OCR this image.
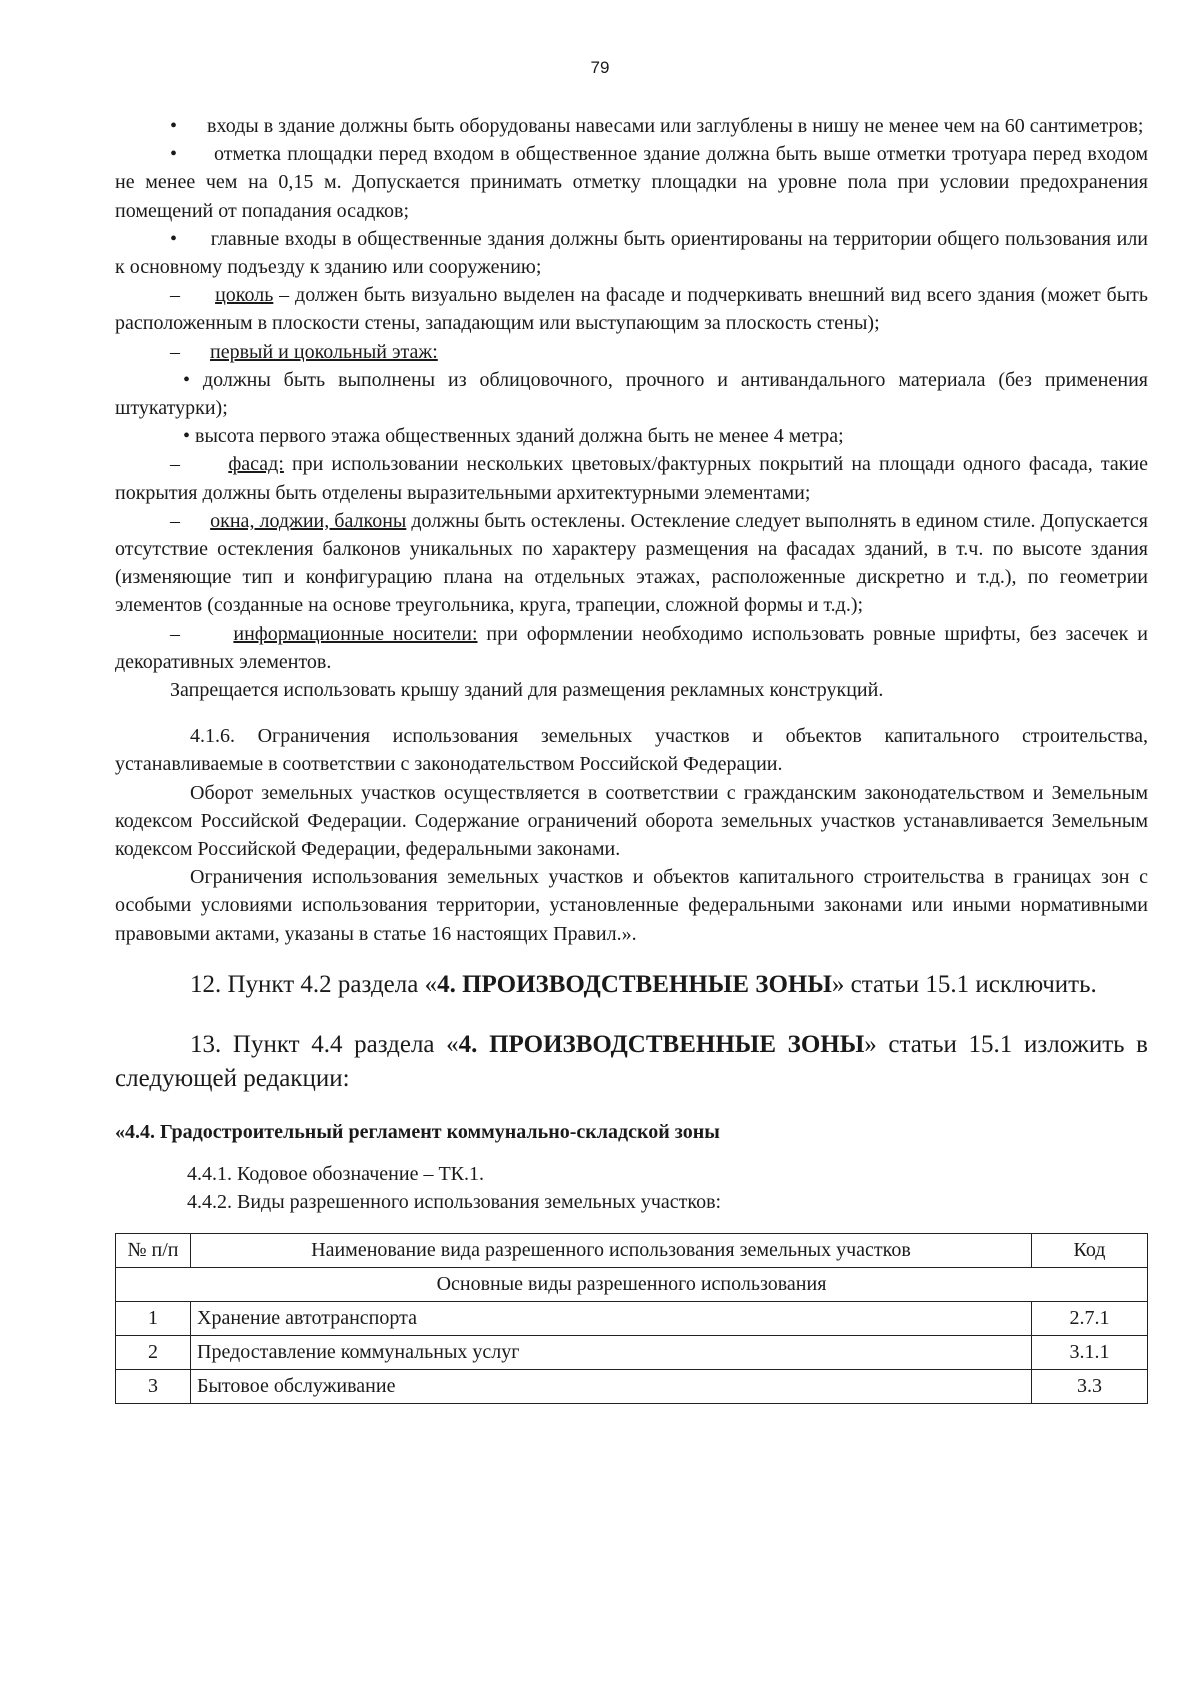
79

•      входы в здание должны быть оборудованы навесами или заглублены в нишу не менее чем на 60 сантиметров;

•      отметка площадки перед входом в общественное здание должна быть выше отметки тротуара перед входом не менее чем на 0,15 м. Допускается принимать отметку площадки на уровне пола при условии предохранения помещений от попадания осадков;

•      главные входы в общественные здания должны быть ориентированы на территории общего пользования или к основному подъезду к зданию или сооружению;

–      цоколь – должен быть визуально выделен на фасаде и подчеркивать внешний вид всего здания (может быть расположенным в плоскости стены, западающим или выступающим за плоскость стены);

–      первый и цокольный этаж:

• должны быть выполнены из облицовочного, прочного и антивандального материала (без применения штукатурки);

• высота первого этажа общественных зданий должна быть не менее 4 метра;

–      фасад: при использовании нескольких цветовых/фактурных покрытий на площади одного фасада, такие покрытия должны быть отделены выразительными архитектурными элементами;

–      окна, лоджии, балконы должны быть остеклены. Остекление следует выполнять в едином стиле. Допускается отсутствие остекления балконов уникальных по характеру размещения на фасадах зданий, в т.ч. по высоте здания (изменяющие тип и конфигурацию плана на отдельных этажах, расположенные дискретно и т.д.), по геометрии элементов (созданные на основе треугольника, круга, трапеции, сложной формы и т.д.);

–      информационные носители: при оформлении необходимо использовать ровные шрифты, без засечек и декоративных элементов.

Запрещается использовать крышу зданий для размещения рекламных конструкций.

4.1.6. Ограничения использования земельных участков и объектов капитального строительства, устанавливаемые в соответствии с законодательством Российской Федерации.

Оборот земельных участков осуществляется в соответствии с гражданским законодательством и Земельным кодексом Российской Федерации. Содержание ограничений оборота земельных участков устанавливается Земельным кодексом Российской Федерации, федеральными законами.

Ограничения использования земельных участков и объектов капитального строительства в границах зон с особыми условиями использования территории, установленные федеральными законами или иными нормативными правовыми актами, указаны в статье 16 настоящих Правил.».

12. Пункт 4.2 раздела «4. ПРОИЗВОДСТВЕННЫЕ ЗОНЫ» статьи 15.1 исключить.

13. Пункт 4.4 раздела «4. ПРОИЗВОДСТВЕННЫЕ ЗОНЫ» статьи 15.1 изложить в следующей редакции:

«4.4. Градостроительный регламент коммунально-складской зоны

4.4.1. Кодовое обозначение – ТК.1.

4.4.2. Виды разрешенного использования земельных участков:

№ п/п	Наименование вида разрешенного использования земельных участков	Код
Основные виды разрешенного использования		
1	Хранение автотранспорта	2.7.1
2	Предоставление коммунальных услуг	3.1.1
3	Бытовое обслуживание	3.3
